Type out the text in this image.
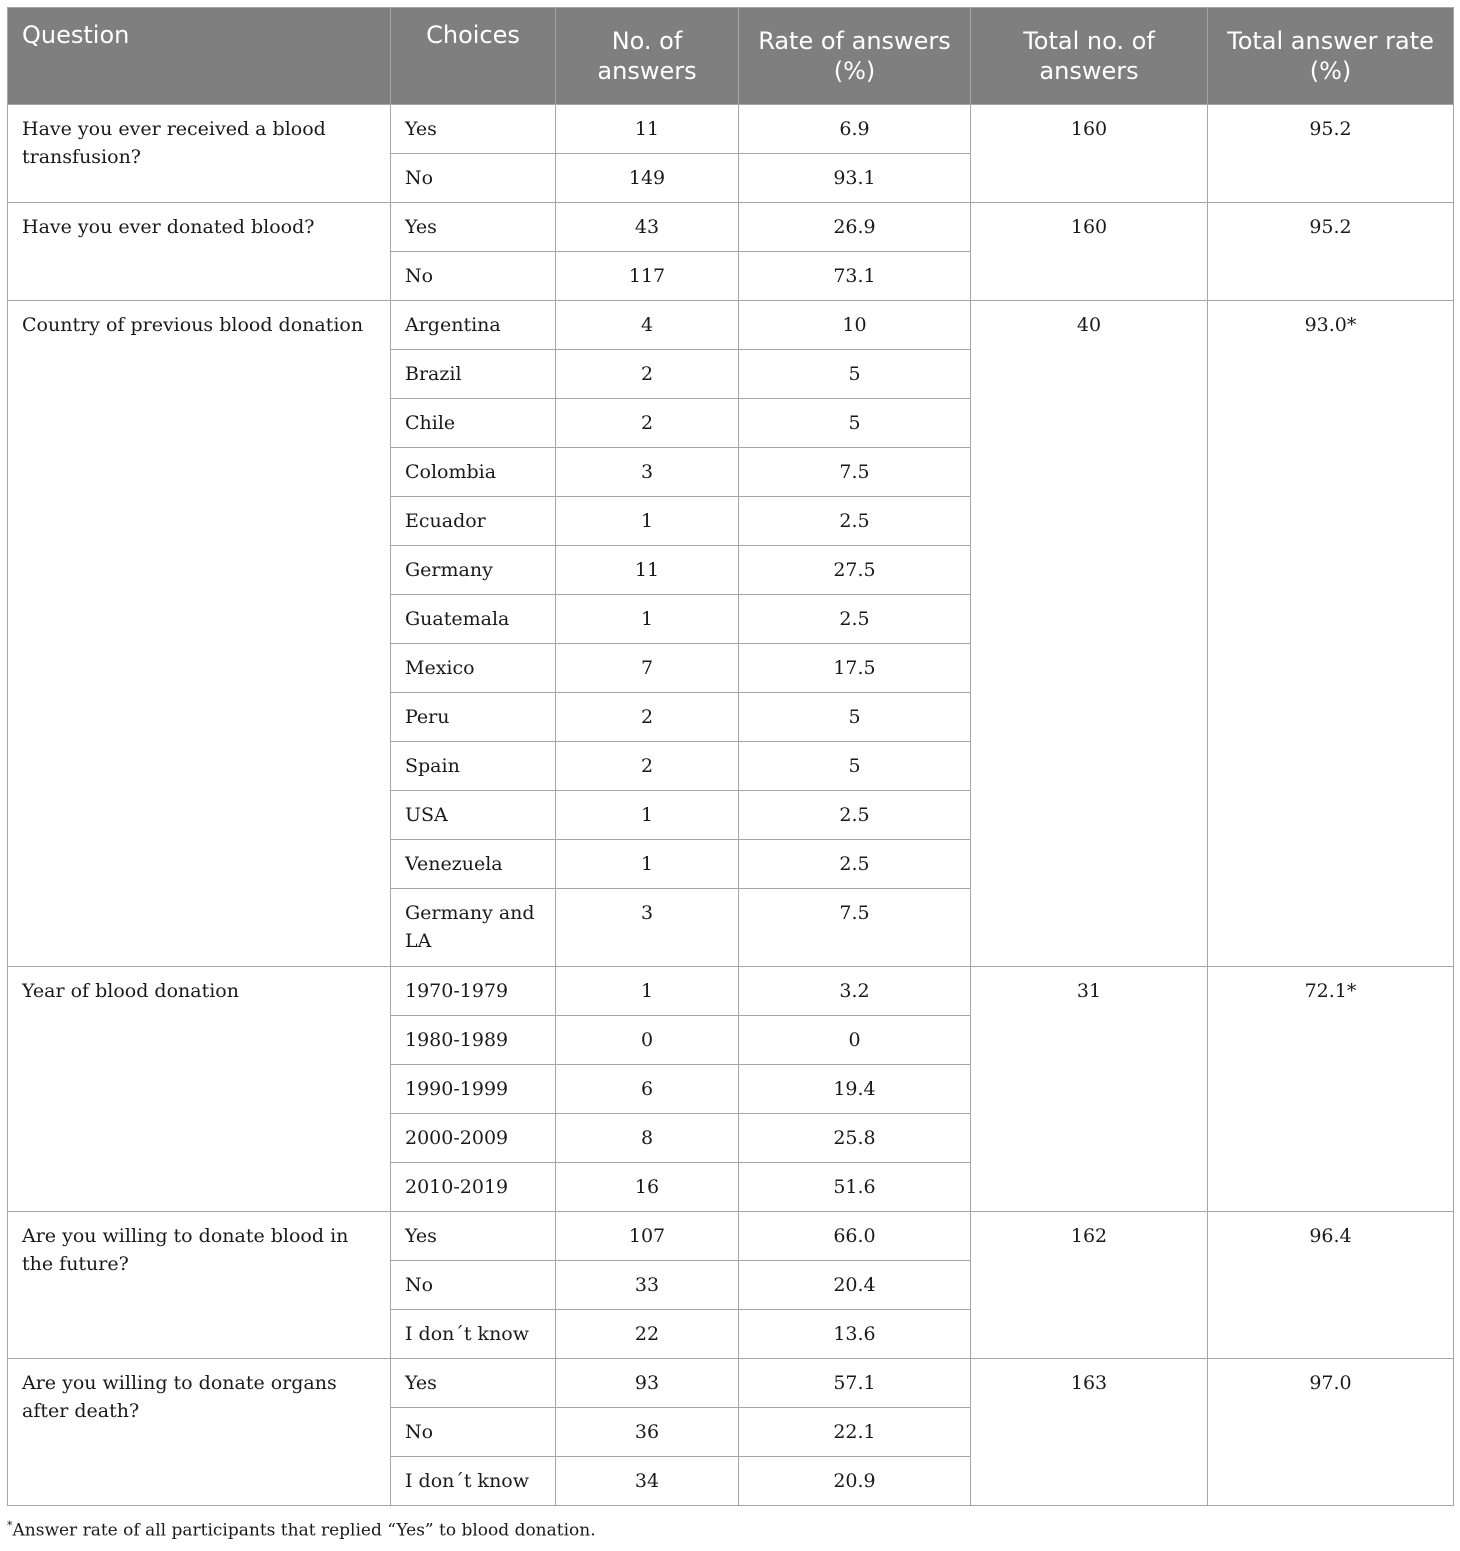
Question	Choices	No. of answers	Rate of answers (%)	Total no. of answers	Total answer rate (%)
Have you ever received a blood transfusion?	Yes	11	6.9	160	95.2
	No	149	93.1		
Have you ever donated blood?	Yes	43	26.9	160	95.2
	No	117	73.1		
Country of previous blood donation	Argentina	4	10	40	93.0*
	Brazil	2	5		
	Chile	2	5		
	Colombia	3	7.5		
	Ecuador	1	2.5		
	Germany	11	27.5		
	Guatemala	1	2.5		
	Mexico	7	17.5		
	Peru	2	5		
	Spain	2	5		
	USA	1	2.5		
	Venezuela	1	2.5		
	Germany and LA	3	7.5		
Year of blood donation	1970-1979	1	3.2	31	72.1*
	1980-1989	0	0		
	1990-1999	6	19.4		
	2000-2009	8	25.8		
	2010-2019	16	51.6		
Are you willing to donate blood in the future?	Yes	107	66.0	162	96.4
	No	33	20.4		
	I don´t know	22	13.6		
Are you willing to donate organs after death?	Yes	93	57.1	163	97.0
	No	36	22.1		
	I don´t know	34	20.9		
*Answer rate of all participants that replied “Yes” to blood donation.
